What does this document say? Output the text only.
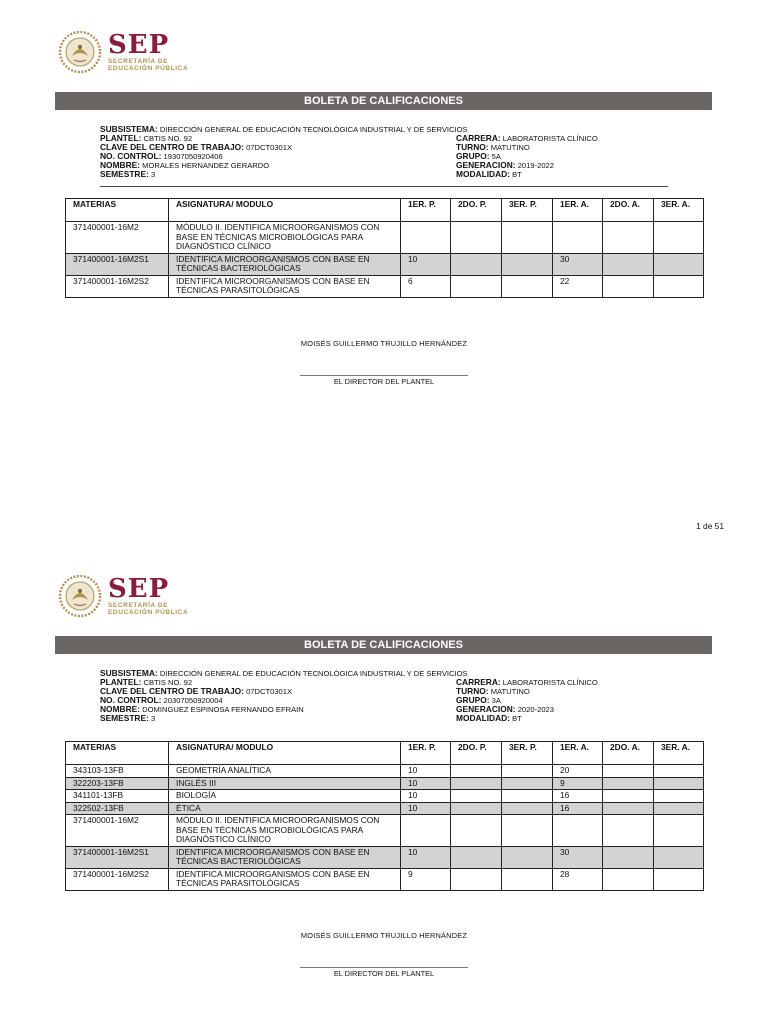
SEP
SECRETARÍA DE
EDUCACIÓN PÚBLICA
BOLETA DE CALIFICACIONES
SUBSISTEMA: DIRECCIÓN GENERAL DE EDUCACIÓN TECNOLÓGICA INDUSTRIAL Y DE SERVICIOS
PLANTEL: CBTIS NO. 92
CLAVE DEL CENTRO DE TRABAJO: 07DCT0301X
NO. CONTROL: 19307050920406
NOMBRE: MORALES HERNANDEZ GERARDO
SEMESTRE: 3
CARRERA: LABORATORISTA CLÍNICO
TURNO: MATUTINO
GRUPO: 5A
GENERACION: 2019-2022
MODALIDAD: BT
MATERIAS	ASIGNATURA/ MODULO	1ER. P.	2DO. P.	3ER. P.	1ER. A.	2DO. A.	3ER. A.
371400001-16M2	MÓDULO II. IDENTIFICA MICROORGANISMOS CON BASE EN TÉCNICAS MICROBIOLÓGICAS PARA DIAGNÓSTICO CLÍNICO						
371400001-16M2S1	IDENTIFICA MICROORGANISMOS CON BASE EN TÉCNICAS BACTERIOLÓGICAS	10			30		
371400001-16M2S2	IDENTIFICA MICROORGANISMOS CON BASE EN TÉCNICAS PARASITOLÓGICAS	6			22		
MOISÉS GUILLERMO TRUJILLO HERNÁNDEZ
EL DIRECTOR DEL PLANTEL
1 de 51
SEP
SECRETARÍA DE
EDUCACIÓN PÚBLICA
BOLETA DE CALIFICACIONES
SUBSISTEMA: DIRECCIÓN GENERAL DE EDUCACIÓN TECNOLÓGICA INDUSTRIAL Y DE SERVICIOS
PLANTEL: CBTIS NO. 92
CLAVE DEL CENTRO DE TRABAJO: 07DCT0301X
NO. CONTROL: 20307050920004
NOMBRE: DOMINGUEZ ESPINOSA FERNANDO EFRAIN
SEMESTRE: 3
CARRERA: LABORATORISTA CLÍNICO
TURNO: MATUTINO
GRUPO: 3A
GENERACION: 2020-2023
MODALIDAD: BT
MATERIAS	ASIGNATURA/ MODULO	1ER. P.	2DO. P.	3ER. P.	1ER. A.	2DO. A.	3ER. A.
343103-13FB	GEOMETRÍA ANALÍTICA	10			20		
322203-13FB	INGLÉS III	10			9		
341101-13FB	BIOLOGÍA	10			16		
322502-13FB	ÉTICA	10			16		
371400001-16M2	MÓDULO II. IDENTIFICA MICROORGANISMOS CON BASE EN TÉCNICAS MICROBIOLÓGICAS PARA DIAGNÓSTICO CLÍNICO						
371400001-16M2S1	IDENTIFICA MICROORGANISMOS CON BASE EN TÉCNICAS BACTERIOLÓGICAS	10			30		
371400001-16M2S2	IDENTIFICA MICROORGANISMOS CON BASE EN TÉCNICAS PARASITOLÓGICAS	9			28		
MOISÉS GUILLERMO TRUJILLO HERNÁNDEZ
EL DIRECTOR DEL PLANTEL
